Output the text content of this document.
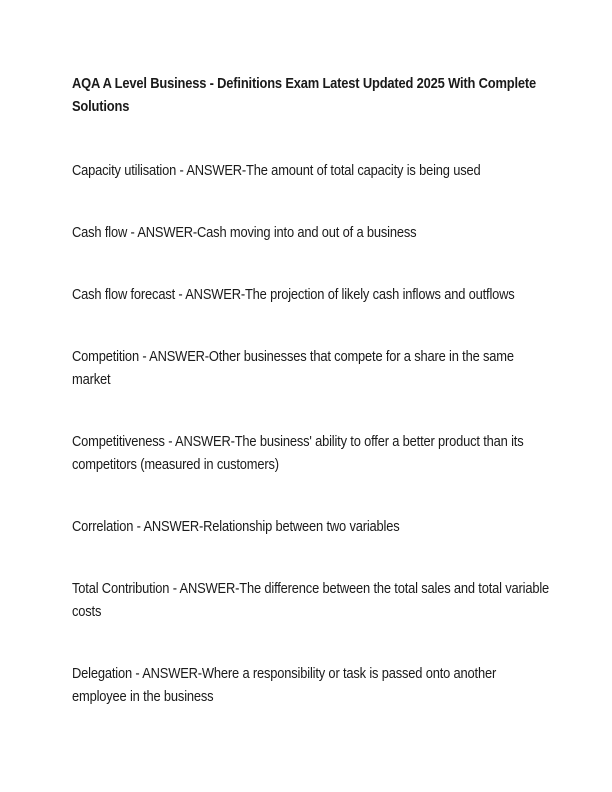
AQA A Level Business - Definitions Exam Latest Updated 2025 With Complete Solutions

Capacity utilisation - ANSWER-The amount of total capacity is being used

Cash flow - ANSWER-Cash moving into and out of a business

Cash flow forecast - ANSWER-The projection of likely cash inflows and outflows

Competition - ANSWER-Other businesses that compete for a share in the same market

Competitiveness - ANSWER-The business' ability to offer a better product than its competitors (measured in customers)

Correlation - ANSWER-Relationship between two variables

Total Contribution - ANSWER-The difference between the total sales and total variable costs

Delegation - ANSWER-Where a responsibility or task is passed onto another employee in the business
